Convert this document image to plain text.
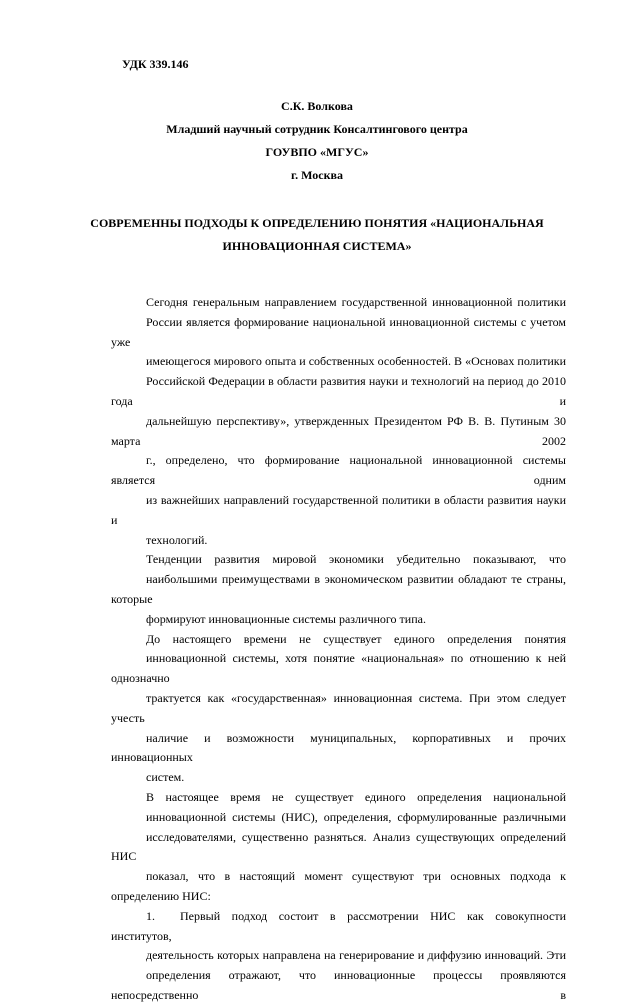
УДК 339.146
С.К. Волкова
Младший научный сотрудник Консалтингового центра
ГОУВПО «МГУС»
г. Москва
СОВРЕМЕННЫ ПОДХОДЫ К ОПРЕДЕЛЕНИЮ ПОНЯТИЯ «НАЦИОНАЛЬНАЯ
ИННОВАЦИОННАЯ СИСТЕМА»

Сегодня генеральным направлением государственной инновационной политики
России является формирование национальной инновационной системы с учетом уже
имеющегося мирового опыта и собственных особенностей. В «Основах политики
Российской Федерации в области развития науки и технологий на период до 2010 года и
дальнейшую перспективу», утвержденных Президентом РФ В. В. Путиным 30 марта 2002
г., определено, что формирование национальной инновационной системы является одним
из важнейших направлений государственной политики в области развития науки и
технологий.

Тенденции развития мировой экономики убедительно показывают, что
наибольшими преимуществами в экономическом развитии обладают те страны, которые
формируют инновационные системы различного типа.

До настоящего времени не существует единого определения понятия
инновационной системы, хотя понятие «национальная» по отношению к ней однозначно
трактуется как «государственная» инновационная система. При этом следует учесть
наличие и возможности муниципальных, корпоративных и прочих инновационных
систем.

В настоящее время не существует единого определения национальной
инновационной системы (НИС), определения, сформулированные различными
исследователями, существенно разняться. Анализ существующих определений НИС
показал, что в настоящий момент существуют три основных подхода к определению НИС:

1. Первый подход состоит в рассмотрении НИС как совокупности институтов,
деятельность которых направлена на генерирование и диффузию инноваций. Эти
определения отражают, что инновационные процессы проявляются непосредственно в
